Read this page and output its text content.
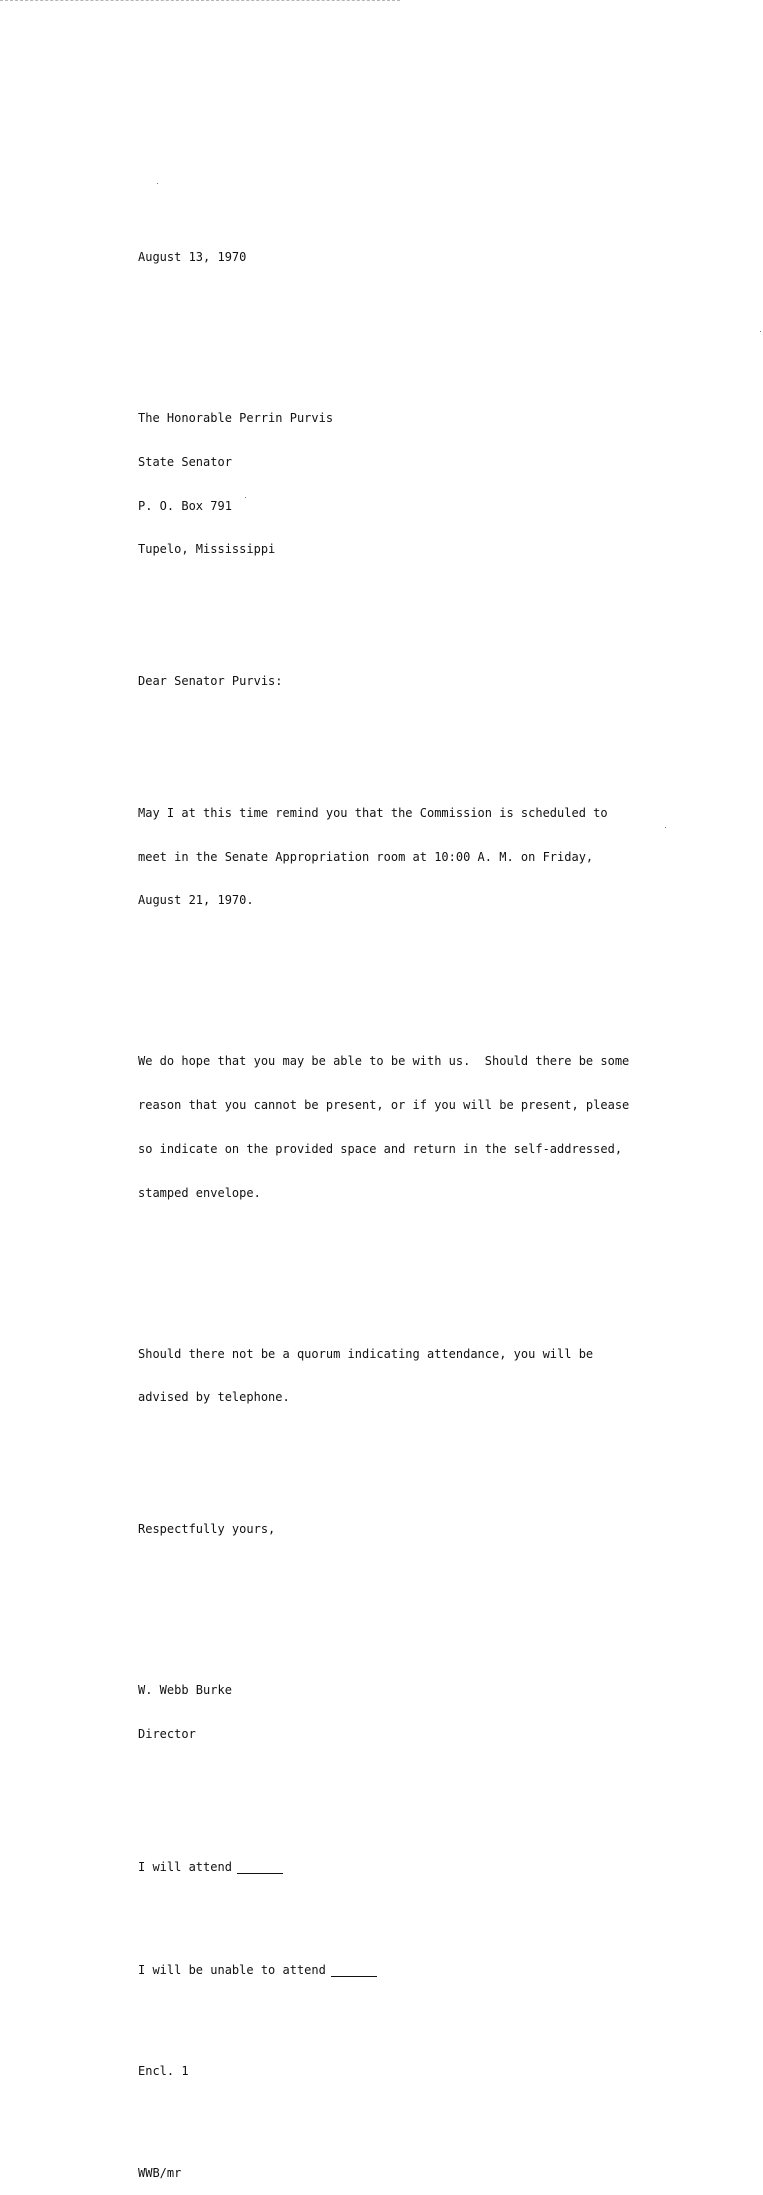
August 13, 1970

The Honorable Perrin Purvis

State Senator

P. O. Box 791

Tupelo, Mississippi

Dear Senator Purvis:

May I at this time remind you that the Commission is scheduled to

meet in the Senate Appropriation room at 10:00 A. M. on Friday,

August 21, 1970.

We do hope that you may be able to be with us.  Should there be some

reason that you cannot be present, or if you will be present, please

so indicate on the provided space and return in the self-addressed,

stamped envelope.

Should there not be a quorum indicating attendance, you will be

advised by telephone.

Respectfully yours,

W. Webb Burke

Director

I will attend

I will be unable to attend

Encl. 1

WWB/mr
